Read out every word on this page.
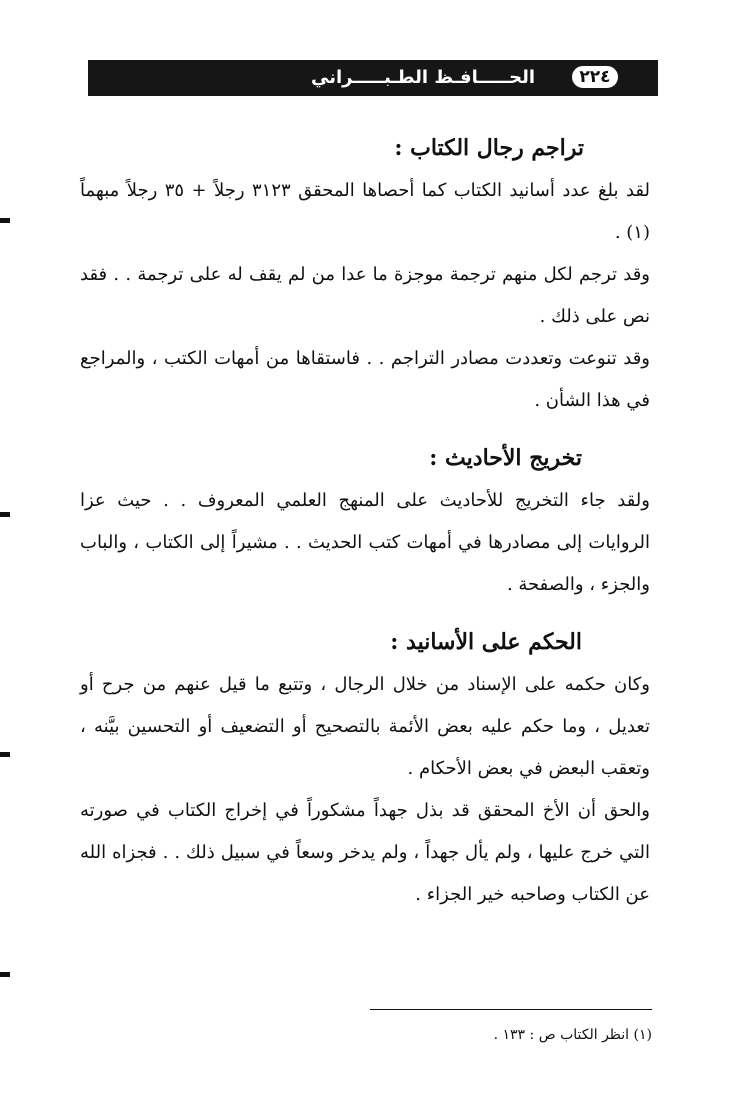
الحـــــافـظ الطـبـــــراني	٢٢٤
تراجم رجال الكتاب :

لقد بلغ عدد أسانيد الكتاب كما أحصاها المحقق ٣١٢٣ رجلاً + ٣٥ رجلاً مبهماً (١) .

وقد ترجم لكل منهم ترجمة موجزة ما عدا من لم يقف له على ترجمة . . فقد نص على ذلك .

وقد تنوعت وتعددت مصادر التراجم . . فاستقاها من أمهات الكتب ، والمراجع في هذا الشأن .

تخريج الأحاديث :

ولقد جاء التخريج للأحاديث على المنهج العلمي المعروف . . حيث عزا الروايات إلى مصادرها في أمهات كتب الحديث . . مشيراً إلى الكتاب ، والباب والجزء ، والصفحة .

الحكم على الأسانيد :

وكان حكمه على الإسناد من خلال الرجال ، وتتبع ما قيل عنهم من جرح أو تعديل ، وما حكم عليه بعض الأئمة بالتصحيح أو التضعيف أو التحسين بيَّنه ، وتعقب البعض في بعض الأحكام .

والحق أن الأخ المحقق قد بذل جهداً مشكوراً في إخراج الكتاب في صورته التي خرج عليها ، ولم يأل جهداً ، ولم يدخر وسعاً في سبيل ذلك . . فجزاه الله عن الكتاب وصاحبه خير الجزاء .

(١) انظر الكتاب ص : ١٣٣ .
